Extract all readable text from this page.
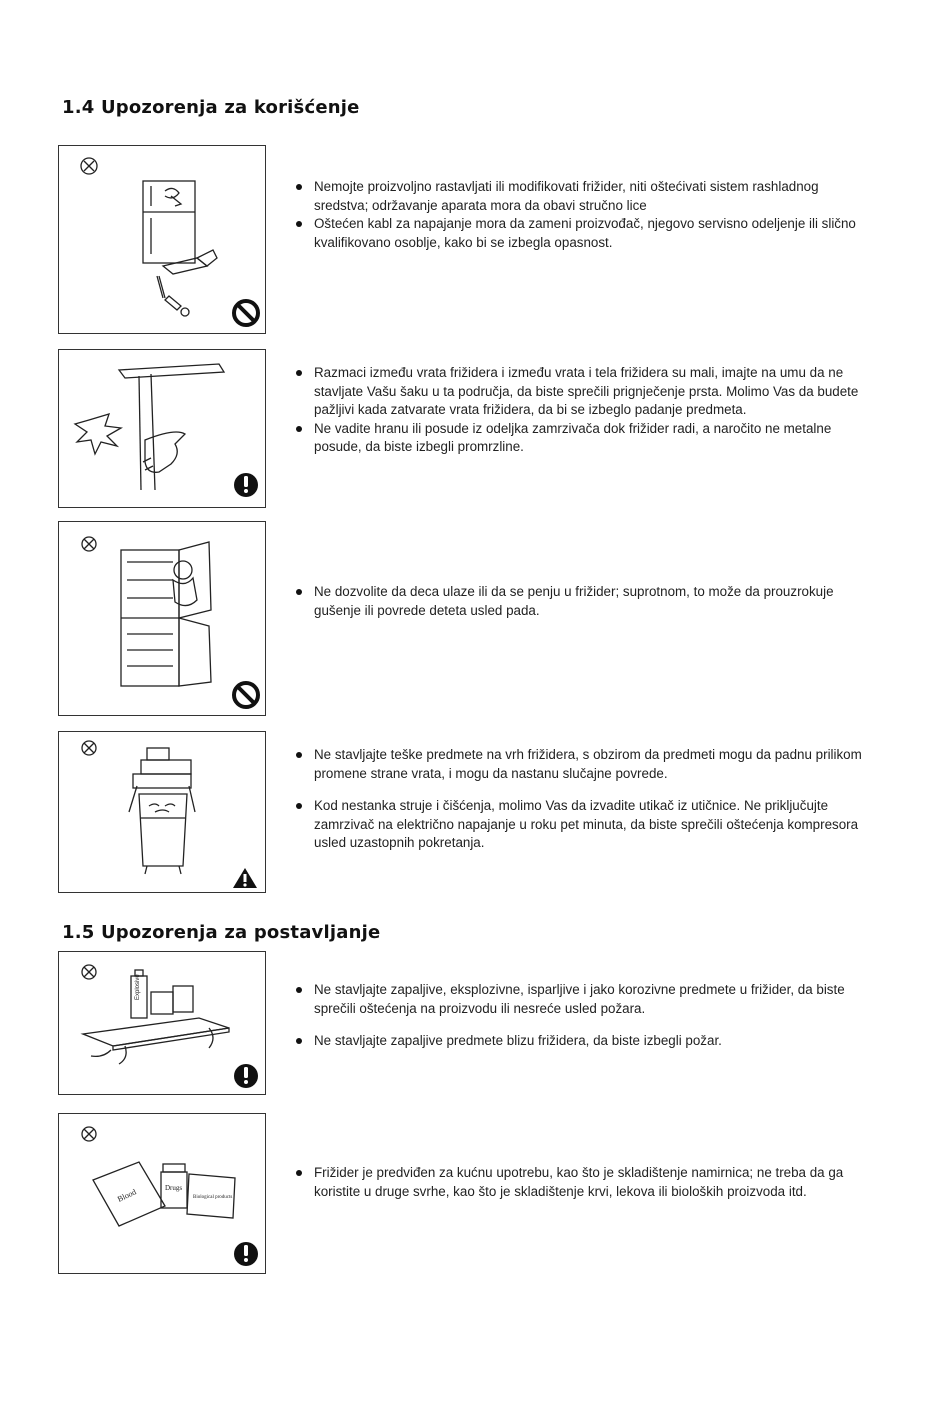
1.4 Upozorenja za korišćenje
Nemojte proizvoljno rastavljati ili modifikovati frižider, niti oštećivati sistem rashladnog sredstva; održavanje aparata mora da obavi stručno lice
Oštećen kabl za napajanje mora da zameni proizvođač, njegovo servisno odeljenje ili slično kvalifikovano osoblje, kako bi se izbegla opasnost.
Razmaci između vrata frižidera i između vrata i tela frižidera su mali, imajte na umu da ne stavljate Vašu šaku u ta područja, da biste sprečili prignječenje prsta. Molimo Vas da budete pažljivi kada zatvarate vrata frižidera, da bi se izbeglo padanje predmeta.
Ne vadite hranu ili posude iz odeljka zamrzivača dok frižider radi, a naročito ne metalne posude, da biste izbegli promrzline.
Ne dozvolite da deca ulaze ili da se penju u frižider; suprotnom, to može da prouzrokuje gušenje ili povrede deteta usled pada.
Ne stavljajte teške predmete na vrh frižidera, s obzirom da predmeti mogu da padnu prilikom promene strane vrata, i mogu da nastanu slučajne povrede.
Kod nestanka struje i čišćenja, molimo Vas da izvadite utikač iz utičnice. Ne priključujte zamrzivač na električno napajanje u roku pet minuta, da biste sprečili oštećenja kompresora usled uzastopnih pokretanja.
1.5 Upozorenja za postavljanje
Explosive	Ne stavljajte zapaljive, eksplozivne, isparljive i jako korozivne predmete u frižider, da biste sprečili oštećenja na proizvodu ili nesreće usled požara.
Ne stavljajte zapaljive predmete blizu frižidera, da biste izbegli požar.
Blood	Drugs
Biological products
Frižider je predviđen za kućnu upotrebu, kao što je skladištenje namirnica; ne treba da ga koristite u druge svrhe, kao što je skladištenje krvi, lekova ili bioloških proizvoda itd.
